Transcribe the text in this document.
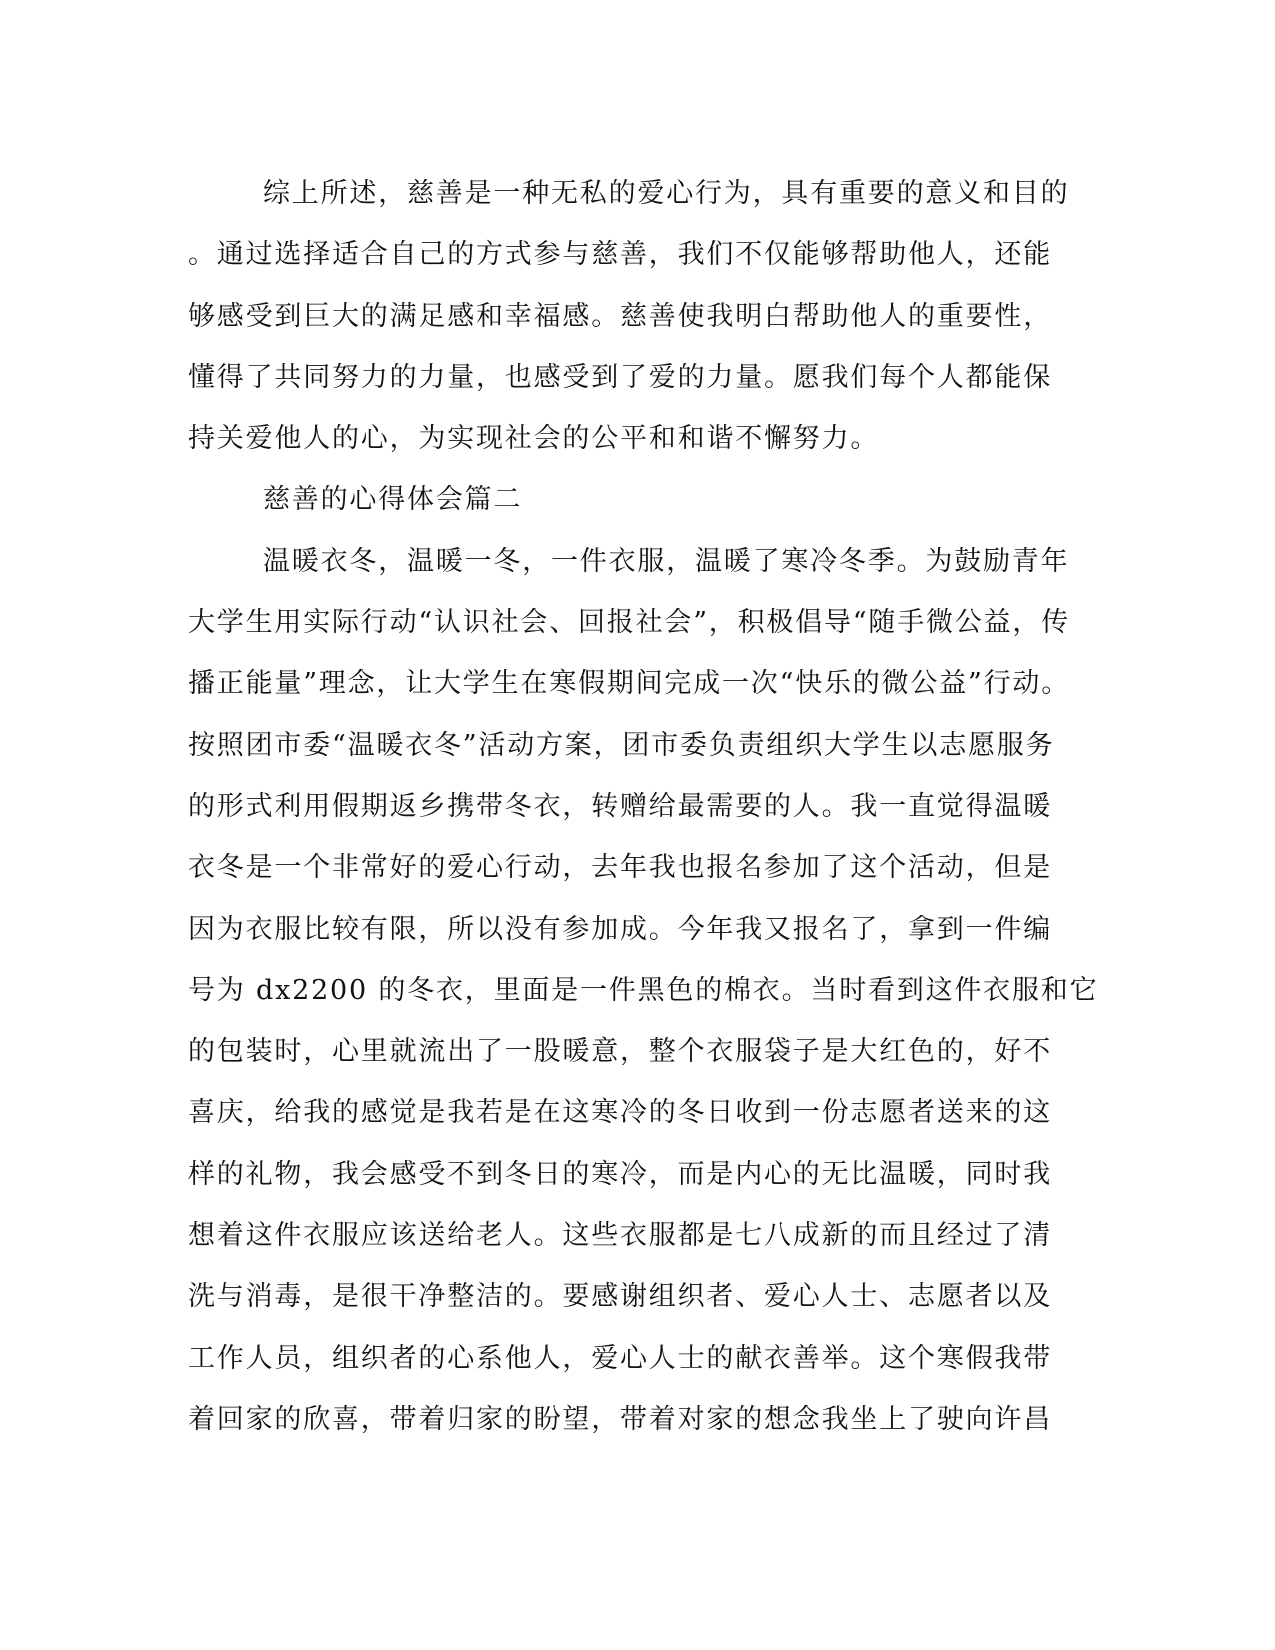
综上所述，慈善是一种无私的爱心行为，具有重要的意义和目的
。通过选择适合自己的方式参与慈善，我们不仅能够帮助他人，还能
够感受到巨大的满足感和幸福感。慈善使我明白帮助他人的重要性，
懂得了共同努力的力量，也感受到了爱的力量。愿我们每个人都能保
持关爱他人的心，为实现社会的公平和和谐不懈努力。
慈善的心得体会篇二
温暖衣冬，温暖一冬，一件衣服，温暖了寒冷冬季。为鼓励青年
大学生用实际行动“认识社会、回报社会”，积极倡导“随手微公益，传
播正能量”理念，让大学生在寒假期间完成一次“快乐的微公益”行动。
按照团市委“温暖衣冬”活动方案，团市委负责组织大学生以志愿服务
的形式利用假期返乡携带冬衣，转赠给最需要的人。我一直觉得温暖
衣冬是一个非常好的爱心行动，去年我也报名参加了这个活动，但是
因为衣服比较有限，所以没有参加成。今年我又报名了，拿到一件编
号为 dx2200 的冬衣，里面是一件黑色的棉衣。当时看到这件衣服和它
的包装时，心里就流出了一股暖意，整个衣服袋子是大红色的，好不
喜庆，给我的感觉是我若是在这寒冷的冬日收到一份志愿者送来的这
样的礼物，我会感受不到冬日的寒冷，而是内心的无比温暖，同时我
想着这件衣服应该送给老人。这些衣服都是七八成新的而且经过了清
洗与消毒，是很干净整洁的。要感谢组织者、爱心人士、志愿者以及
工作人员，组织者的心系他人，爱心人士的献衣善举。这个寒假我带
着回家的欣喜，带着归家的盼望，带着对家的想念我坐上了驶向许昌
